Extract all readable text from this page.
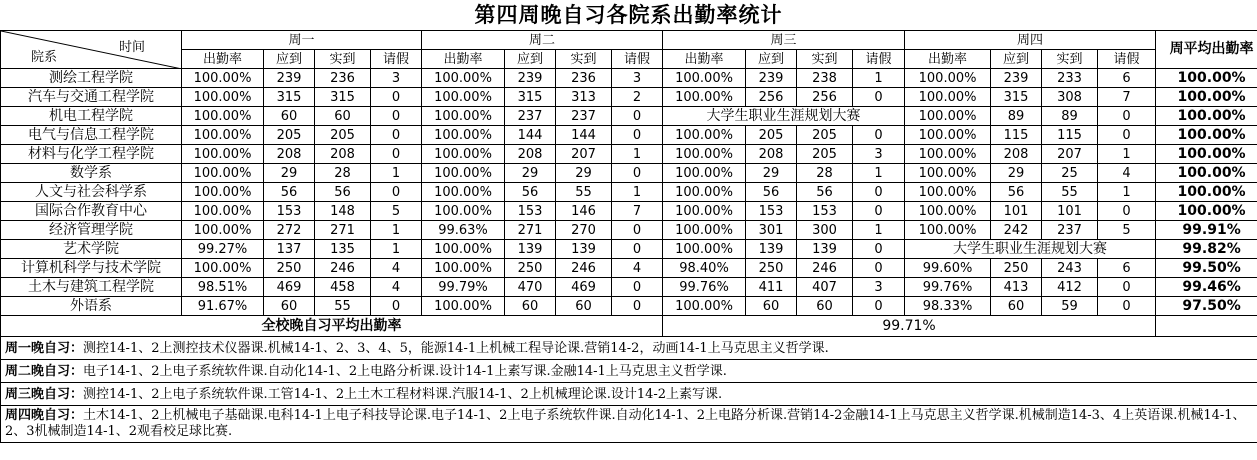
第四周晚自习各院系出勤率统计
时间
院系	周一				周二				周三				周四				周平均出勤率
	出勤率	应到	实到	请假	出勤率	应到	实到	请假	出勤率	应到	实到	请假	出勤率	应到	实到	请假	
测绘工程学院	100.00%	239	236	3	100.00%	239	236	3	100.00%	239	238	1	100.00%	239	233	6	100.00%
汽车与交通工程学院	100.00%	315	315	0	100.00%	315	313	2	100.00%	256	256	0	100.00%	315	308	7	100.00%
机电工程学院	100.00%	60	60	0	100.00%	237	237	0	大学生职业生涯规划大赛				100.00%	89	89	0	100.00%
电气与信息工程学院	100.00%	205	205	0	100.00%	144	144	0	100.00%	205	205	0	100.00%	115	115	0	100.00%
材料与化学工程学院	100.00%	208	208	0	100.00%	208	207	1	100.00%	208	205	3	100.00%	208	207	1	100.00%
数学系	100.00%	29	28	1	100.00%	29	29	0	100.00%	29	28	1	100.00%	29	25	4	100.00%
人文与社会科学系	100.00%	56	56	0	100.00%	56	55	1	100.00%	56	56	0	100.00%	56	55	1	100.00%
国际合作教育中心	100.00%	153	148	5	100.00%	153	146	7	100.00%	153	153	0	100.00%	101	101	0	100.00%
经济管理学院	100.00%	272	271	1	99.63%	271	270	0	100.00%	301	300	1	100.00%	242	237	5	99.91%
艺术学院	99.27%	137	135	1	100.00%	139	139	0	100.00%	139	139	0	大学生职业生涯规划大赛				99.82%
计算机科学与技术学院	100.00%	250	246	4	100.00%	250	246	4	98.40%	250	246	0	99.60%	250	243	6	99.50%
土木与建筑工程学院	98.51%	469	458	4	99.79%	470	469	0	99.76%	411	407	3	99.76%	413	412	0	99.46%
外语系	91.67%	60	55	0	100.00%	60	60	0	100.00%	60	60	0	98.33%	60	59	0	97.50%
全校晚自习平均出勤率									99.71%								
周一晚自习：测控14-1、2上测控技术仪器课.机械14-1、2、3、4、5，能源14-1上机械工程导论课.营销14-2，动画14-1上马克思主义哲学课.																	
周二晚自习：电子14-1、2上电子系统软件课.自动化14-1、2上电路分析课.设计14-1上素写课.金融14-1上马克思主义哲学课.																	
周三晚自习：测控14-1、2上电子系统软件课.工管14-1、2上土木工程材料课.汽服14-1、2上机械理论课.设计14-2上素写课.																	
周四晚自习：土木14-1、2上机械电子基础课.电科14-1上电子科技导论课.电子14-1、2上电子系统软件课.自动化14-1、2上电路分析课.营销14-2金融14-1上马克思主义哲学课.机械制造14-3、4上英语课.机械14-1、2、3机械制造14-1、2观看校足球比赛.																	
